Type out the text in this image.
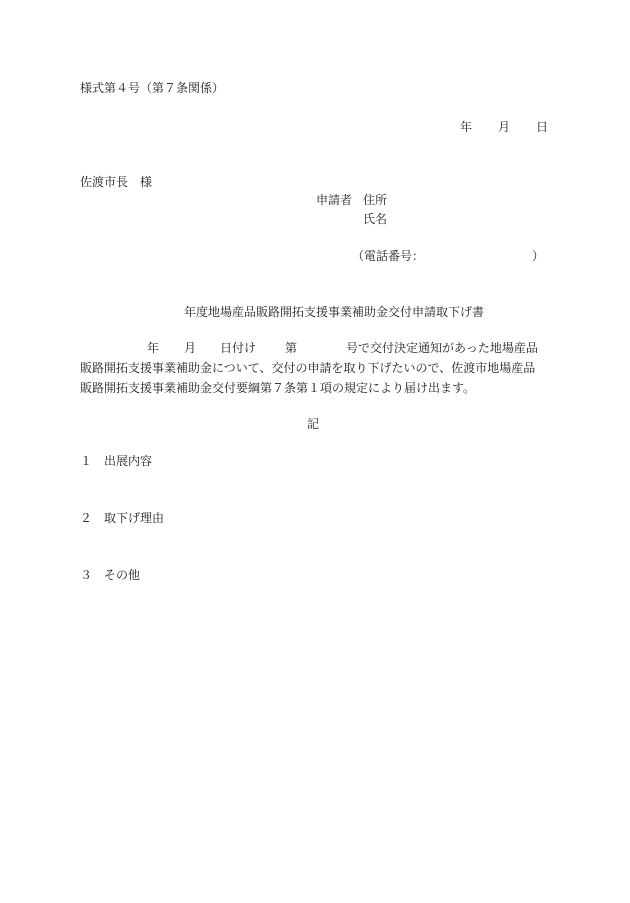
様式第４号（第７条関係）

年 月 日

佐渡市長　様

申請者 住所

氏名

（電話番号：	）

年度地場産品販路開拓支援事業補助金交付申請取下げ書

年 月 日付け 第	号で交付決定通知があった地場産品
販路開拓支援事業補助金について、交付の申請を取り下げたいので、佐渡市地場産品
販路開拓支援事業補助金交付要綱第７条第１項の規定により届け出ます。

記

１ 出展内容

２ 取下げ理由

３ その他
